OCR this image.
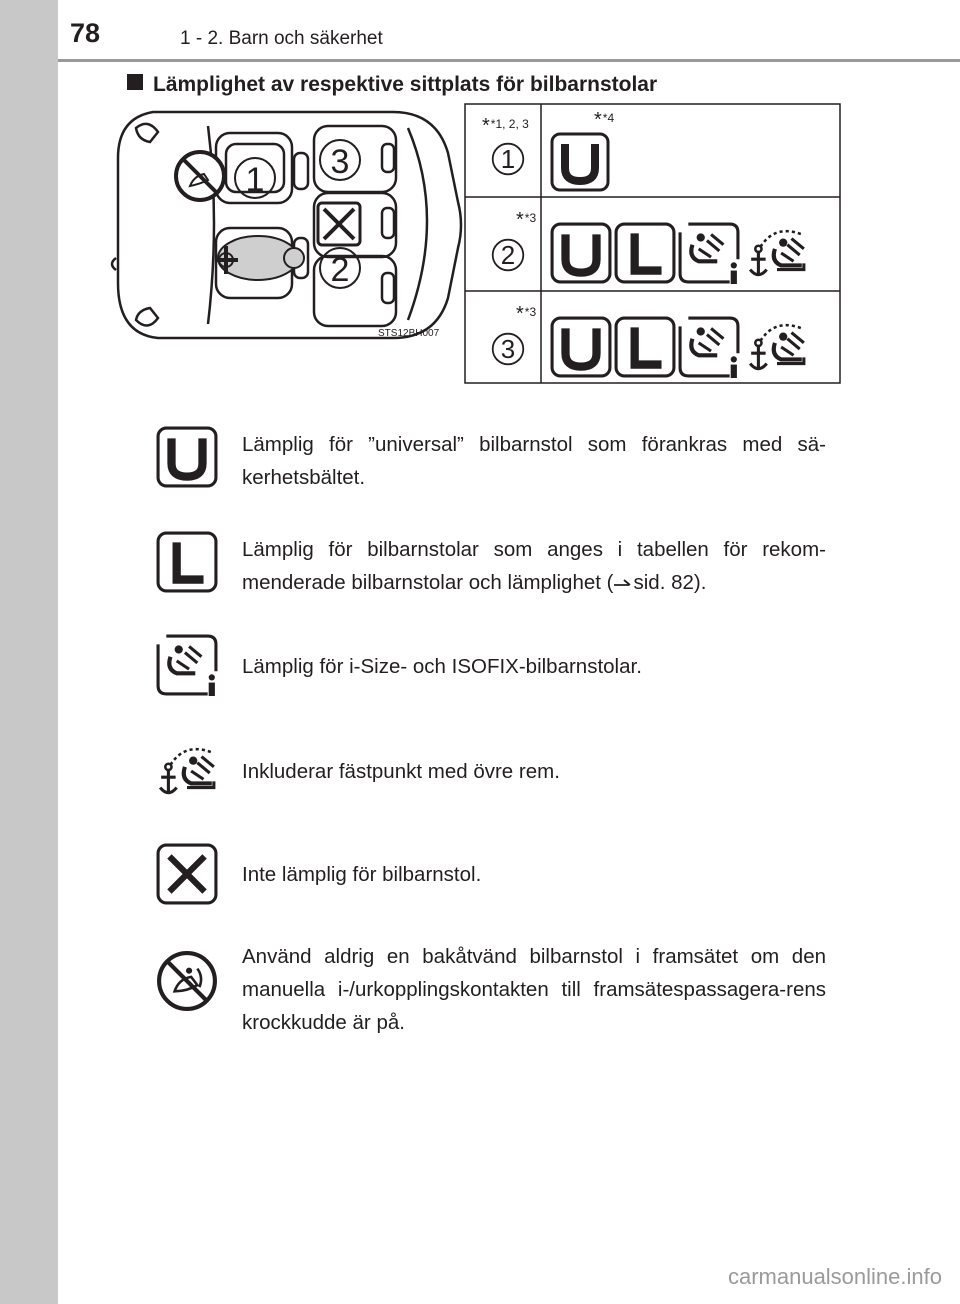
78	1 - 2. Barn och säkerhet
Lämplighet av respektive sittplats för bilbarnstolar
1 3
2
STS12BH007
**1, 2, 3
1
**4
**3
2
**3
3
Lämplig för ”universal” bilbarnstol som förankras med sä-kerhetsbältet.
Lämplig för bilbarnstolar som anges i tabellen för rekom-menderade bilbarnstolar och lämplighet ( sid. 82).
Lämplig för i-Size- och ISOFIX-bilbarnstolar.
Inkluderar fästpunkt med övre rem.
Inte lämplig för bilbarnstol.
Använd aldrig en bakåtvänd bilbarnstol i framsätet om den manuella i-/urkopplingskontakten till framsätespassagera-rens krockkudde är på.
carmanualsonline.info
